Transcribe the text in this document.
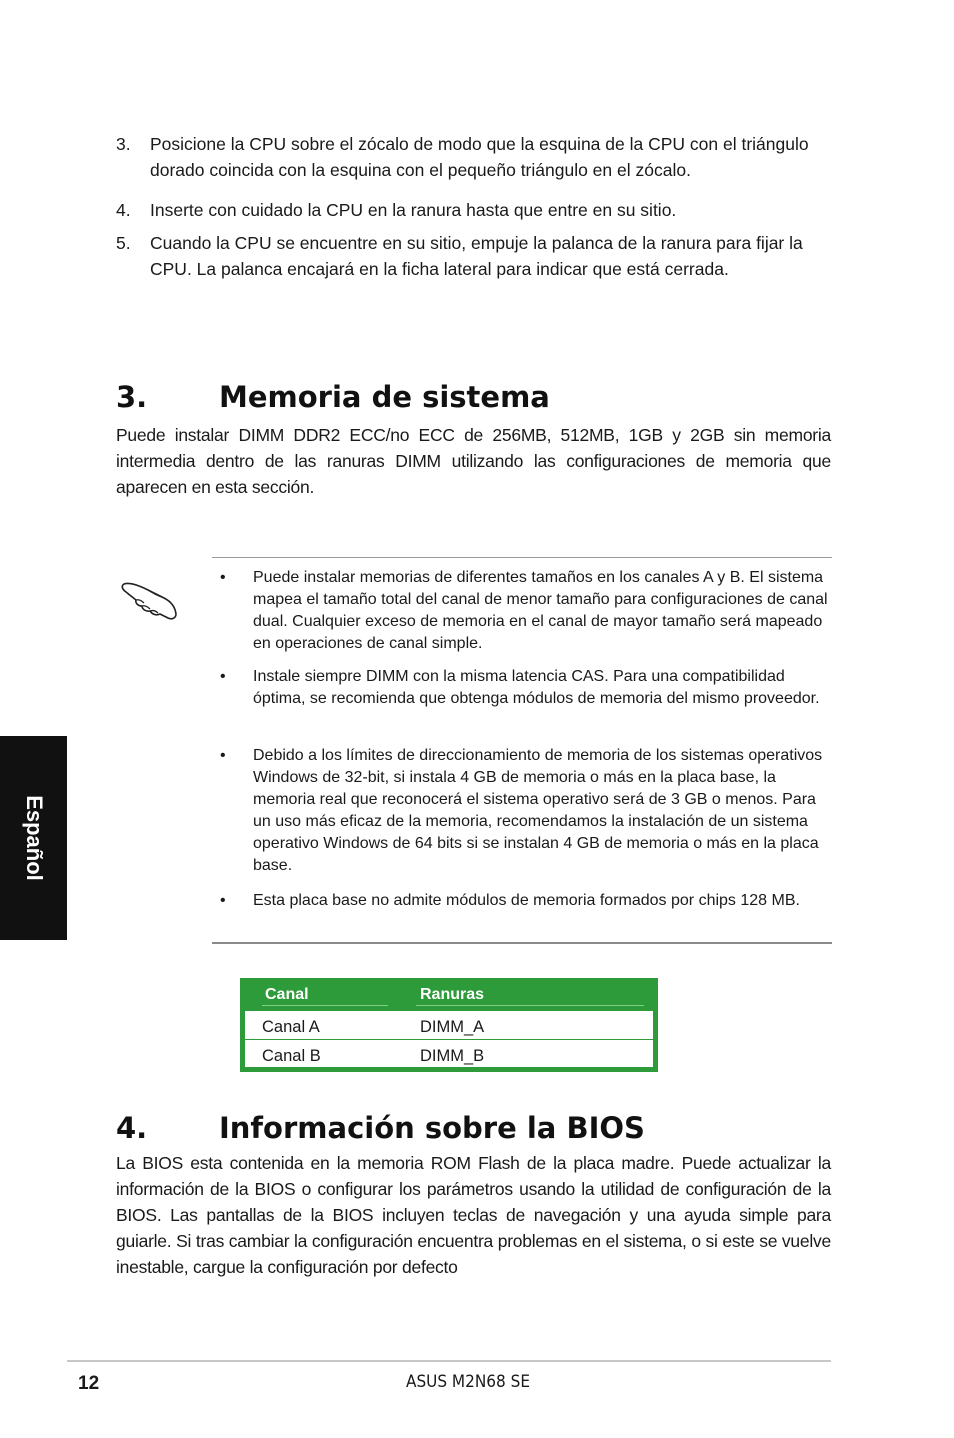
3. Posicione la CPU sobre el zócalo de modo que la esquina de la CPU con el triángulo dorado coincida con la esquina con el pequeño triángulo en el zócalo.
4. Inserte con cuidado la CPU en la ranura hasta que entre en su sitio.
5. Cuando la CPU se encuentre en su sitio, empuje la palanca de la ranura para fijar la CPU. La palanca encajará en la ficha lateral para indicar que está cerrada.
3. Memoria de sistema
Puede instalar DIMM DDR2 ECC/no ECC de 256MB, 512MB, 1GB y 2GB sin memoria intermedia dentro de las ranuras DIMM utilizando las configuraciones de memoria que aparecen en esta sección.
• Puede instalar memorias de diferentes tamaños en los canales A y B. El sistema mapea el tamaño total del canal de menor tamaño para configuraciones de canal dual. Cualquier exceso de memoria en el canal de mayor tamaño será mapeado en operaciones de canal simple.
• Instale siempre DIMM con la misma latencia CAS. Para una compatibilidad óptima, se recomienda que obtenga módulos de memoria del mismo proveedor.
• Debido a los límites de direccionamiento de memoria de los sistemas operativos Windows de 32-bit, si instala 4 GB de memoria o más en la placa base, la memoria real que reconocerá el sistema operativo será de 3 GB o menos. Para un uso más eficaz de la memoria, recomendamos la instalación de un sistema operativo Windows de 64 bits si se instalan 4 GB de memoria o más en la placa base.
• Esta placa base no admite módulos de memoria formados por chips 128 MB.
Español
Canal	Ranuras
Canal A	DIMM_A
Canal B	DIMM_B
4. Información sobre la BIOS
La BIOS esta contenida en la memoria ROM Flash de la placa madre. Puede actualizar la información de la BIOS o configurar los parámetros usando la utilidad de configuración de la BIOS. Las pantallas de la BIOS incluyen teclas de navegación y una ayuda simple para guiarle. Si tras cambiar la configuración encuentra problemas en el sistema, o si este se vuelve inestable, cargue la configuración por defecto
12	ASUS M2N68 SE
